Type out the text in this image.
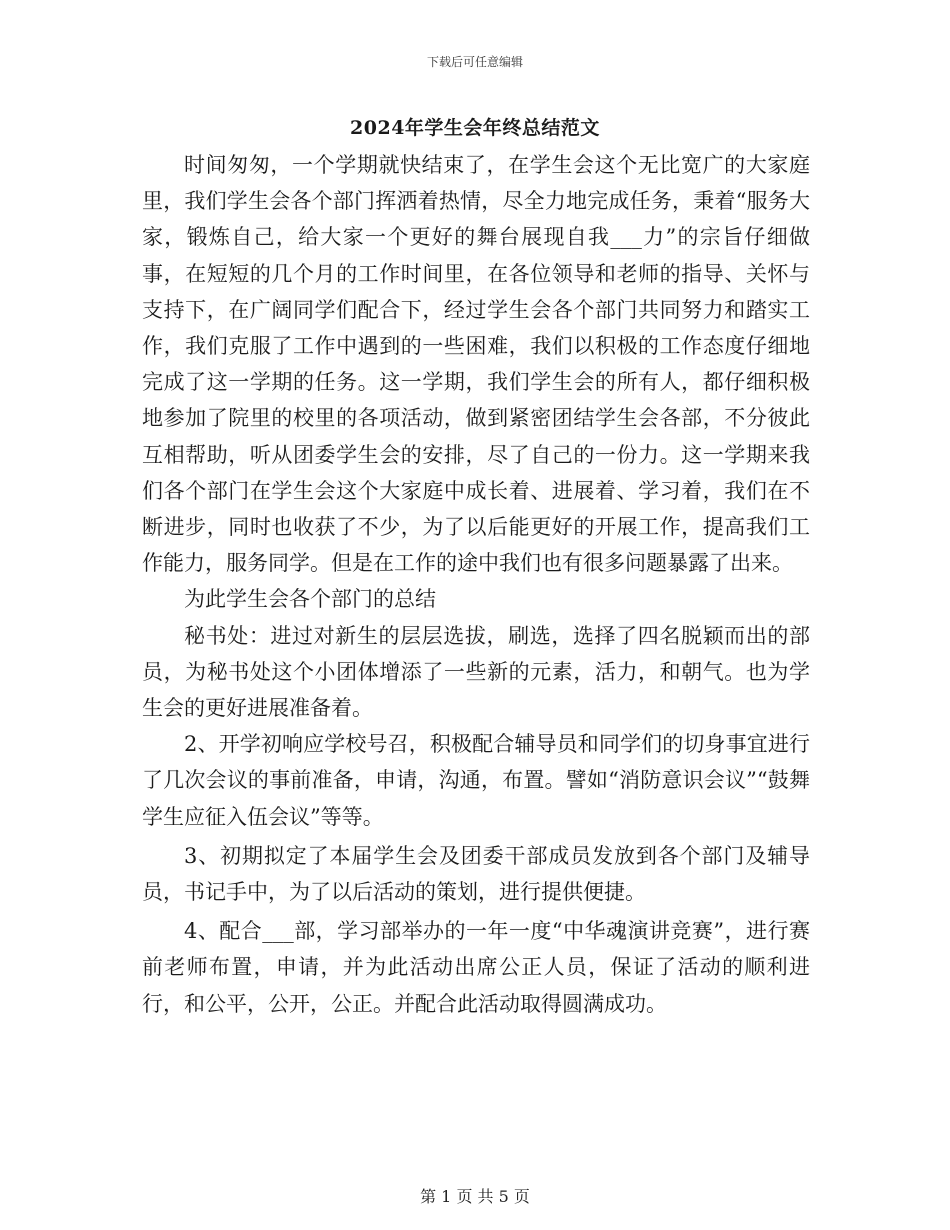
下载后可任意编辑
2024年学生会年终总结范文

时间匆匆，一个学期就快结束了，在学生会这个无比宽广的大家庭里，我们学生会各个部门挥洒着热情，尽全力地完成任务，秉着“服务大家，锻炼自己，给大家一个更好的舞台展现自我___力”的宗旨仔细做事，在短短的几个月的工作时间里，在各位领导和老师的指导、关怀与支持下，在广阔同学们配合下，经过学生会各个部门共同努力和踏实工作，我们克服了工作中遇到的一些困难，我们以积极的工作态度仔细地完成了这一学期的任务。这一学期，我们学生会的所有人，都仔细积极地参加了院里的校里的各项活动，做到紧密团结学生会各部，不分彼此互相帮助，听从团委学生会的安排，尽了自己的一份力。这一学期来我们各个部门在学生会这个大家庭中成长着、进展着、学习着，我们在不断进步，同时也收获了不少，为了以后能更好的开展工作，提高我们工作能力，服务同学。但是在工作的途中我们也有很多问题暴露了出来。

为此学生会各个部门的总结

秘书处：进过对新生的层层选拔，刷选，选择了四名脱颖而出的部员，为秘书处这个小团体增添了一些新的元素，活力，和朝气。也为学生会的更好进展准备着。

2、开学初响应学校号召，积极配合辅导员和同学们的切身事宜进行了几次会议的事前准备，申请，沟通，布置。譬如“消防意识会议”“鼓舞学生应征入伍会议”等等。

3、初期拟定了本届学生会及团委干部成员发放到各个部门及辅导员，书记手中，为了以后活动的策划，进行提供便捷。

4、配合___部，学习部举办的一年一度“中华魂演讲竞赛”，进行赛前老师布置，申请，并为此活动出席公正人员，保证了活动的顺利进行，和公平，公开，公正。并配合此活动取得圆满成功。

第 1 页 共 5 页
